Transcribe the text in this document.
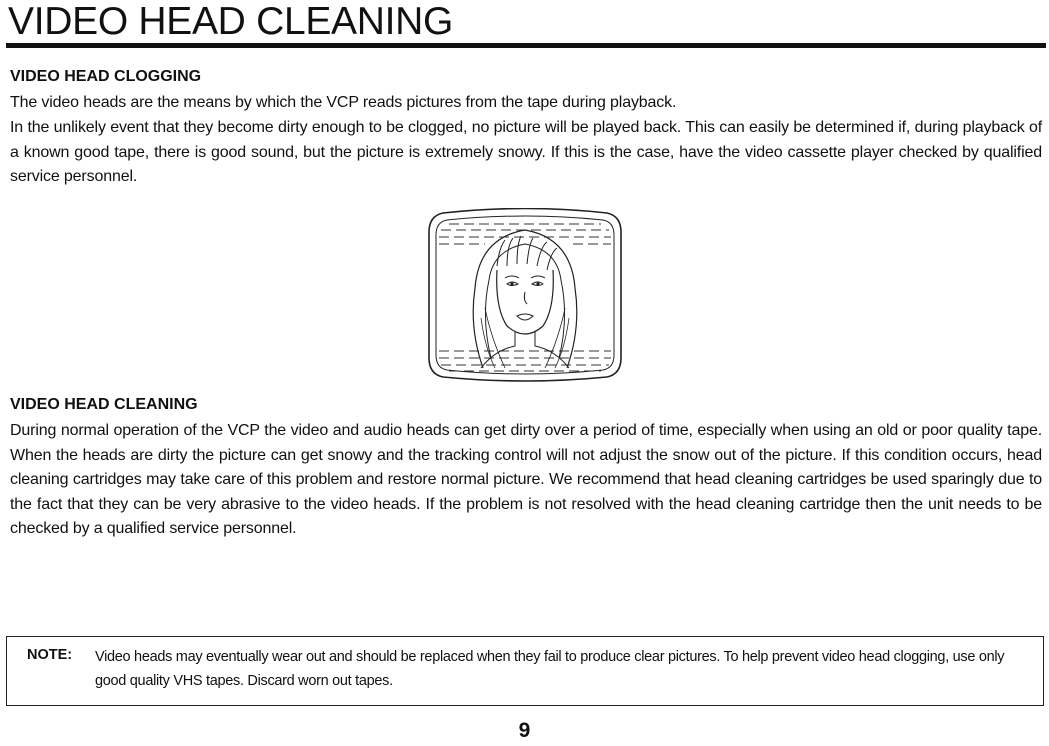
VIDEO HEAD CLEANING
VIDEO HEAD CLOGGING

The video heads are the means by which the VCP reads pictures from the tape during playback.

In the unlikely event that they become dirty enough to be clogged, no picture will be played back. This can easily be determined if, during playback of a known good tape, there is good sound, but the picture is extremely snowy. If this is the case, have the video cassette player checked by qualified service personnel.

VIDEO HEAD CLEANING

During normal operation of the VCP the video and audio heads can get dirty over a period of time, especially when using an old or poor quality tape. When the heads are dirty the picture can get snowy and the tracking control will not adjust the snow out of the picture. If this condition occurs, head cleaning cartridges may take care of this problem and restore normal picture. We recommend that head cleaning cartridges be used sparingly due to the fact that they can be very abrasive to the video heads. If the problem is not resolved with the head cleaning cartridge then the unit needs to be checked by a qualified service personnel.

NOTE: Video heads may eventually wear out and should be replaced when they fail to produce clear pictures. To help prevent video head clogging, use only good quality VHS tapes. Discard worn out tapes.
9
